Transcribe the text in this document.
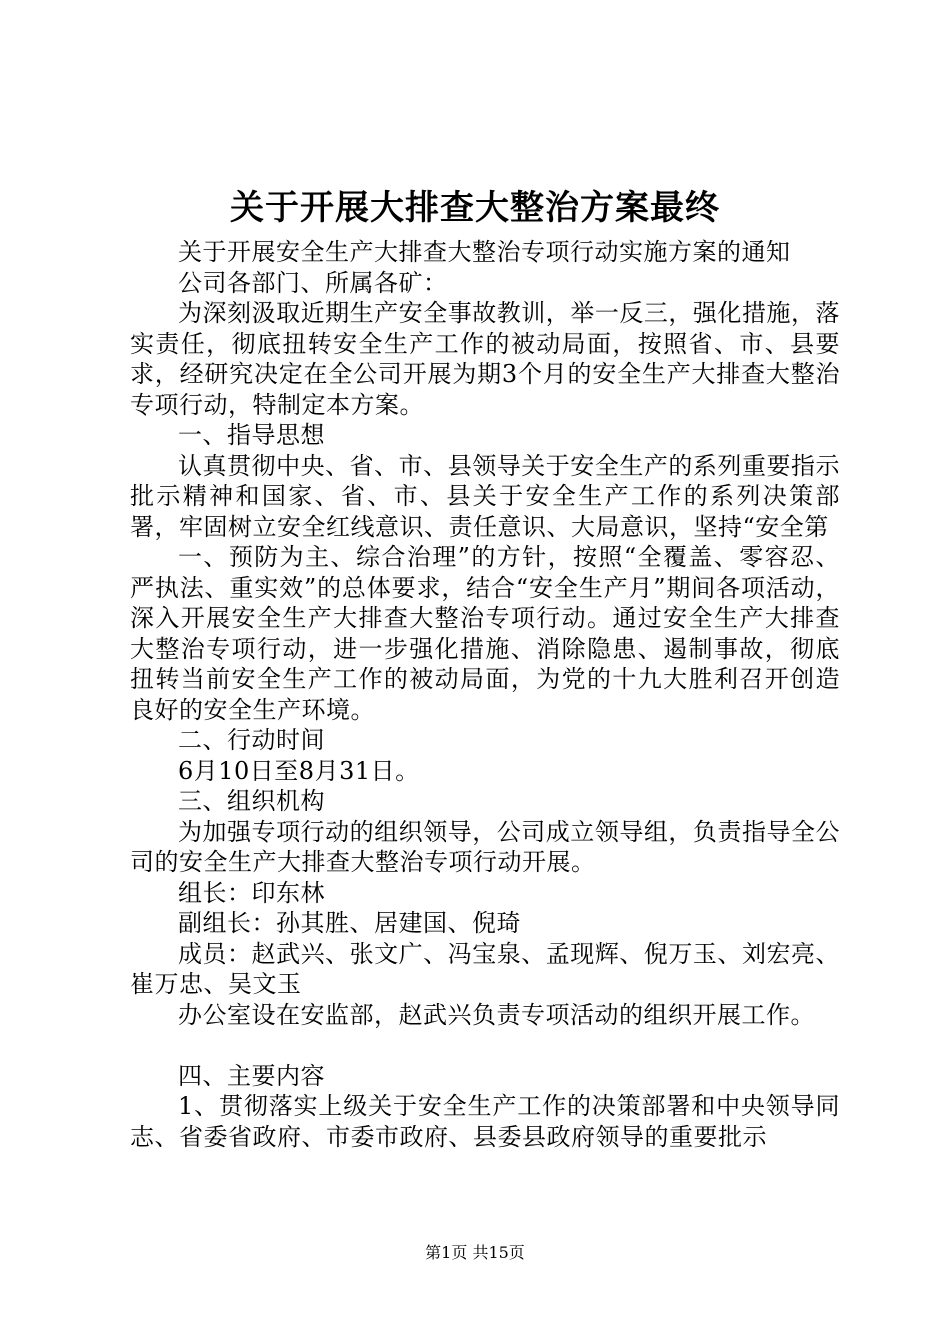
关于开展大排查大整治方案最终

关于开展安全生产大排查大整治专项行动实施方案的通知

公司各部门、所属各矿：

为深刻汲取近期生产安全事故教训，举一反三，强化措施，落实责任，彻底扭转安全生产工作的被动局面，按照省、市、县要求，经研究决定在全公司开展为期3个月的安全生产大排查大整治专项行动，特制定本方案。

一、指导思想

认真贯彻中央、省、市、县领导关于安全生产的系列重要指示批示精神和国家、省、市、县关于安全生产工作的系列决策部署，牢固树立安全红线意识、责任意识、大局意识，坚持“安全第

一、预防为主、综合治理”的方针，按照“全覆盖、零容忍、严执法、重实效”的总体要求，结合“安全生产月”期间各项活动，深入开展安全生产大排查大整治专项行动。通过安全生产大排查大整治专项行动，进一步强化措施、消除隐患、遏制事故，彻底扭转当前安全生产工作的被动局面，为党的十九大胜利召开创造良好的安全生产环境。

二、行动时间

6月10日至8月31日。

三、组织机构

为加强专项行动的组织领导，公司成立领导组，负责指导全公司的安全生产大排查大整治专项行动开展。

组长：印东林

副组长：孙其胜、居建国、倪琦

成员：赵武兴、张文广、冯宝泉、孟现辉、倪万玉、刘宏亮、崔万忠、吴文玉

办公室设在安监部，赵武兴负责专项活动的组织开展工作。

四、主要内容

1、贯彻落实上级关于安全生产工作的决策部署和中央领导同志、省委省政府、市委市政府、县委县政府领导的重要批示

第1页 共15页
